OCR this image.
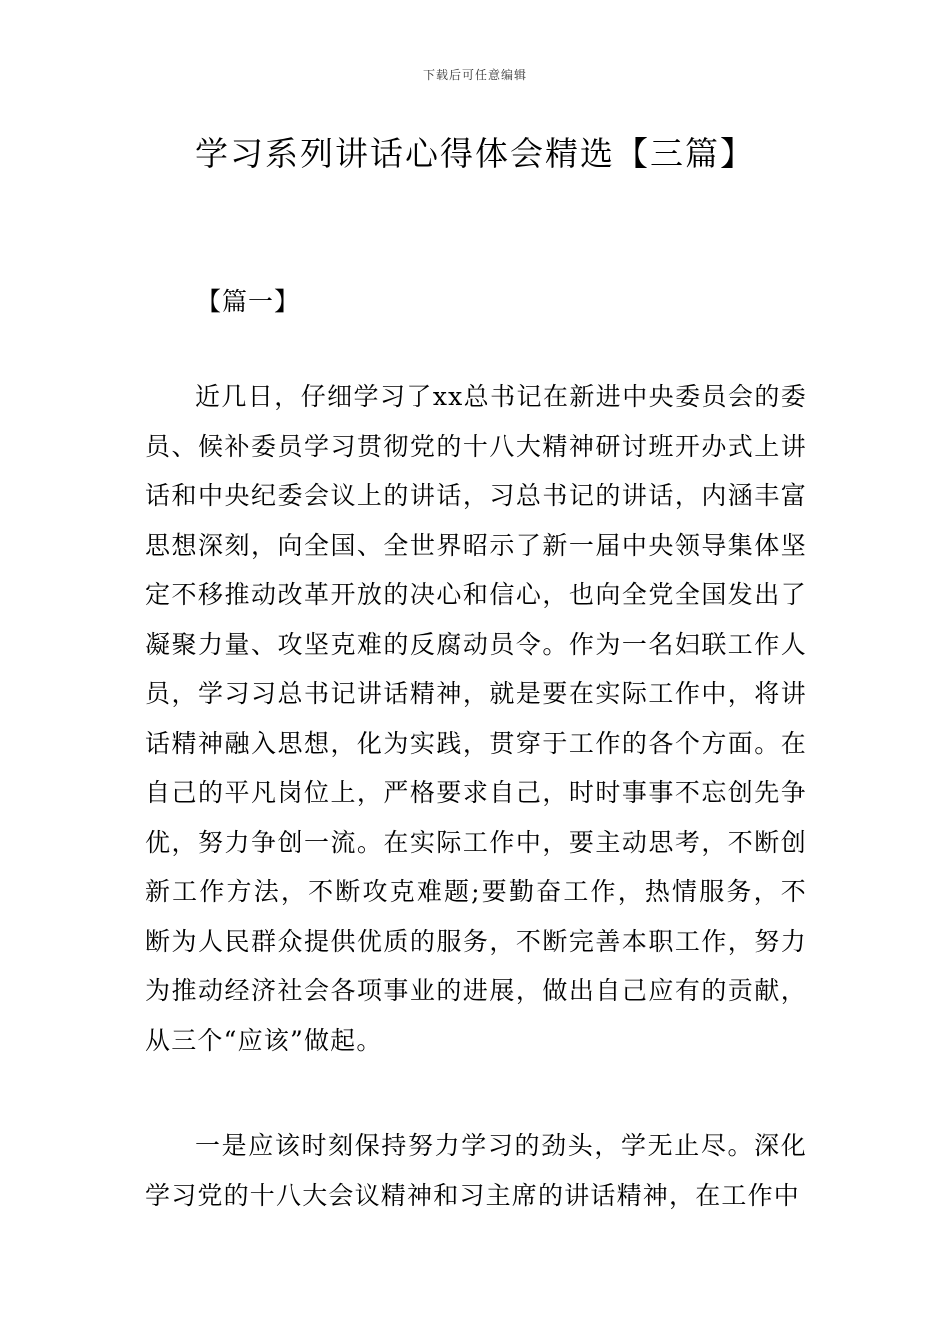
下载后可任意编辑
学习系列讲话心得体会精选【三篇】
【篇一】

近几日，仔细学习了xx总书记在新进中央委员会的委员、候补委员学习贯彻党的十八大精神研讨班开办式上讲话和中央纪委会议上的讲话，习总书记的讲话，内涵丰富思想深刻，向全国、全世界昭示了新一届中央领导集体坚定不移推动改革开放的决心和信心，也向全党全国发出了凝聚力量、攻坚克难的反腐动员令。作为一名妇联工作人员，学习习总书记讲话精神，就是要在实际工作中，将讲话精神融入思想，化为实践，贯穿于工作的各个方面。在自己的平凡岗位上，严格要求自己，时时事事不忘创先争优，努力争创一流。在实际工作中，要主动思考，不断创新工作方法，不断攻克难题;要勤奋工作，热情服务，不断为人民群众提供优质的服务，不断完善本职工作，努力为推动经济社会各项事业的进展，做出自己应有的贡献，从三个“应该”做起。

一是应该时刻保持努力学习的劲头，学无止尽。深化学习党的十八大会议精神和习主席的讲话精神，在工作中
